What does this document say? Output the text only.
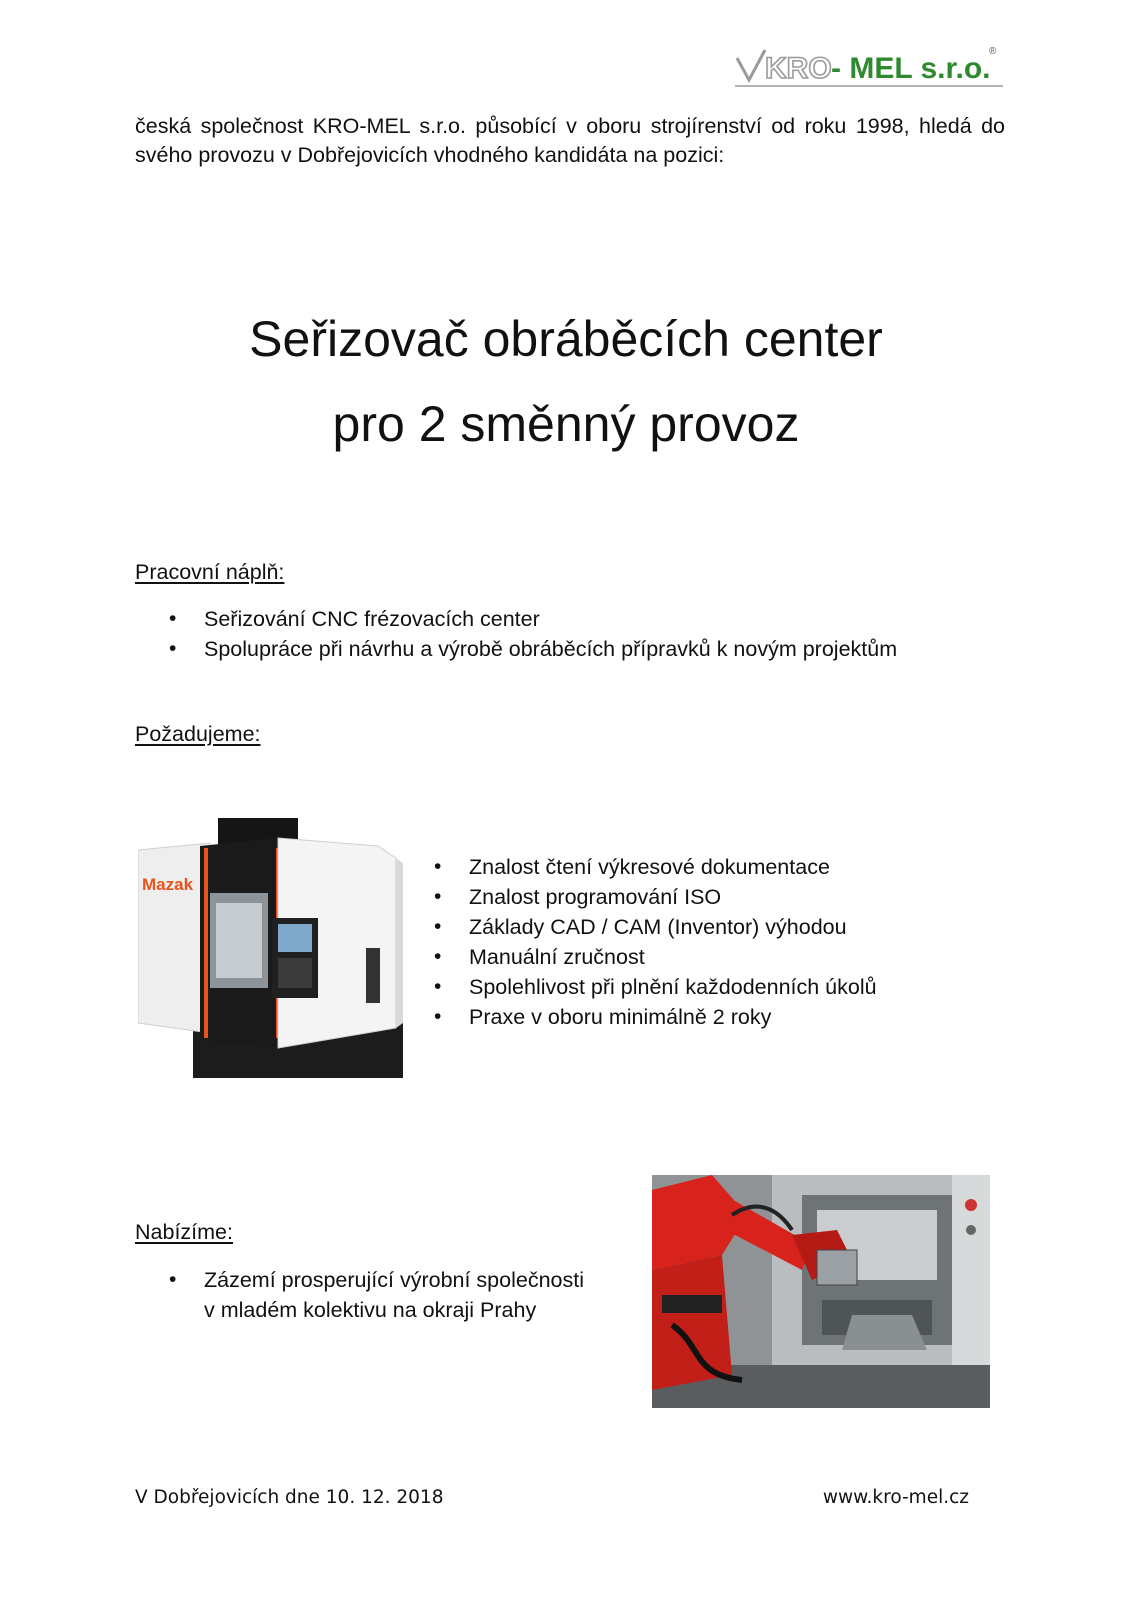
KRO - MEL s.r.o.
®
česká společnost KRO-MEL s.r.o. působící v oboru strojírenství od roku 1998, hledá do svého provozu v Dobřejovicích vhodného kandidáta na pozici:
Seřizovač obráběcích center
pro 2 směnný provoz
Pracovní náplň:
• Seřizování CNC frézovacích center
• Spolupráce při návrhu a výrobě obráběcích přípravků k novým projektům
Požadujeme:
Mazak
• Znalost čtení výkresové dokumentace
• Znalost programování ISO
• Základy CAD / CAM (Inventor) výhodou
• Manuální zručnost
• Spolehlivost při plnění každodenních úkolů
• Praxe v oboru minimálně 2 roky
Nabízíme:
• Zázemí prosperující výrobní společnosti
v mladém kolektivu na okraji Prahy
V Dobřejovicích dne 10. 12. 2018	www.kro-mel.cz
